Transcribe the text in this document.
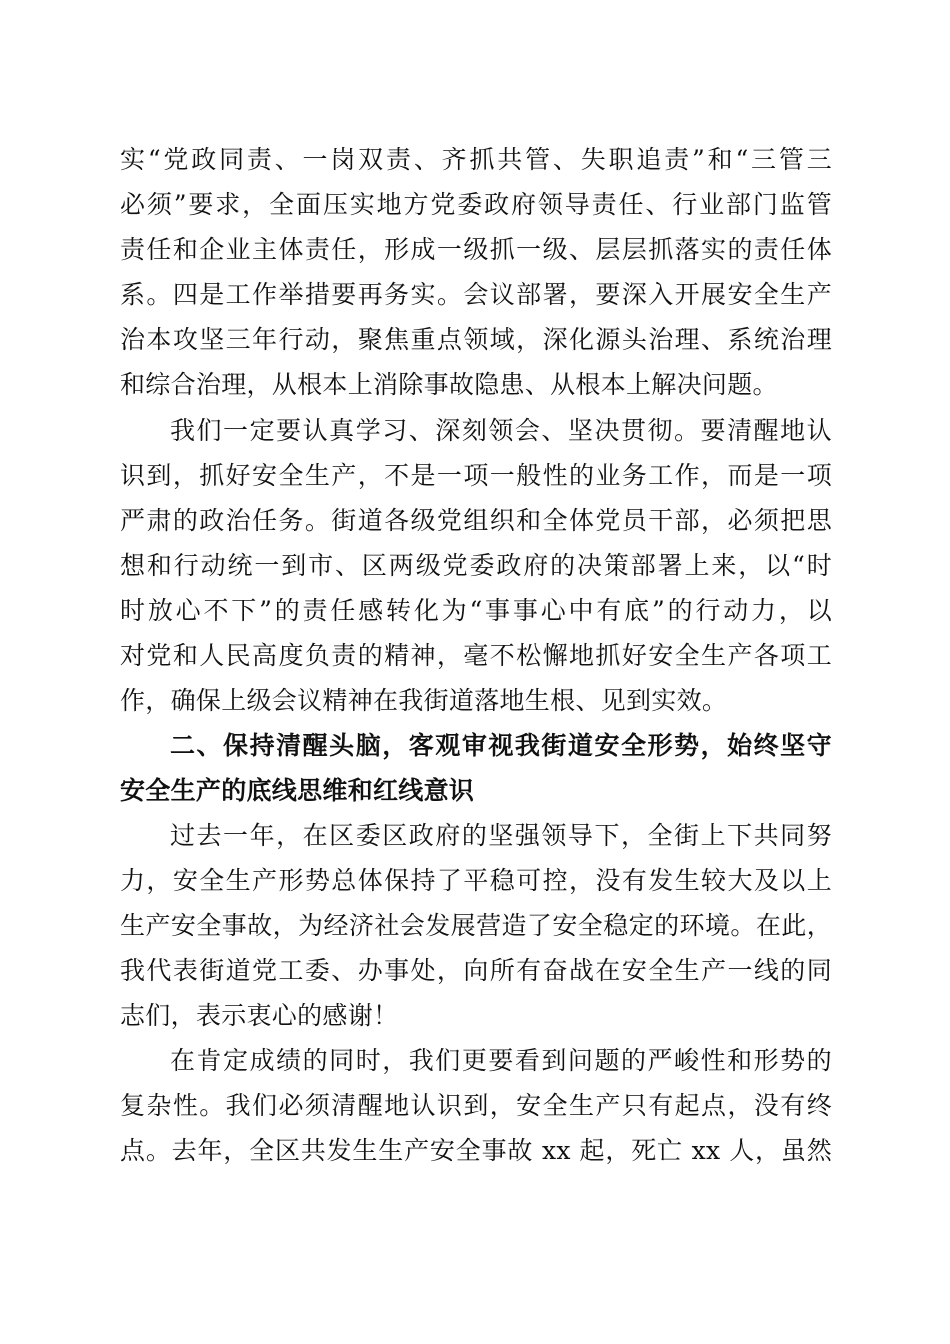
实“党政同责、一岗双责、齐抓共管、失职追责”和“三管三
必须”要求，全面压实地方党委政府领导责任、行业部门监管
责任和企业主体责任，形成一级抓一级、层层抓落实的责任体
系。四是工作举措要再务实。会议部署，要深入开展安全生产
治本攻坚三年行动，聚焦重点领域，深化源头治理、系统治理
和综合治理，从根本上消除事故隐患、从根本上解决问题。
我们一定要认真学习、深刻领会、坚决贯彻。要清醒地认
识到，抓好安全生产，不是一项一般性的业务工作，而是一项
严肃的政治任务。街道各级党组织和全体党员干部，必须把思
想和行动统一到市、区两级党委政府的决策部署上来，以“时
时放心不下”的责任感转化为“事事心中有底”的行动力，以
对党和人民高度负责的精神，毫不松懈地抓好安全生产各项工
作，确保上级会议精神在我街道落地生根、见到实效。
二、保持清醒头脑，客观审视我街道安全形势，始终坚守
安全生产的底线思维和红线意识
过去一年，在区委区政府的坚强领导下，全街上下共同努
力，安全生产形势总体保持了平稳可控，没有发生较大及以上
生产安全事故，为经济社会发展营造了安全稳定的环境。在此，
我代表街道党工委、办事处，向所有奋战在安全生产一线的同
志们，表示衷心的感谢！
在肯定成绩的同时，我们更要看到问题的严峻性和形势的
复杂性。我们必须清醒地认识到，安全生产只有起点，没有终
点。去年，全区共发生生产安全事故 xx 起，死亡 xx 人，虽然
